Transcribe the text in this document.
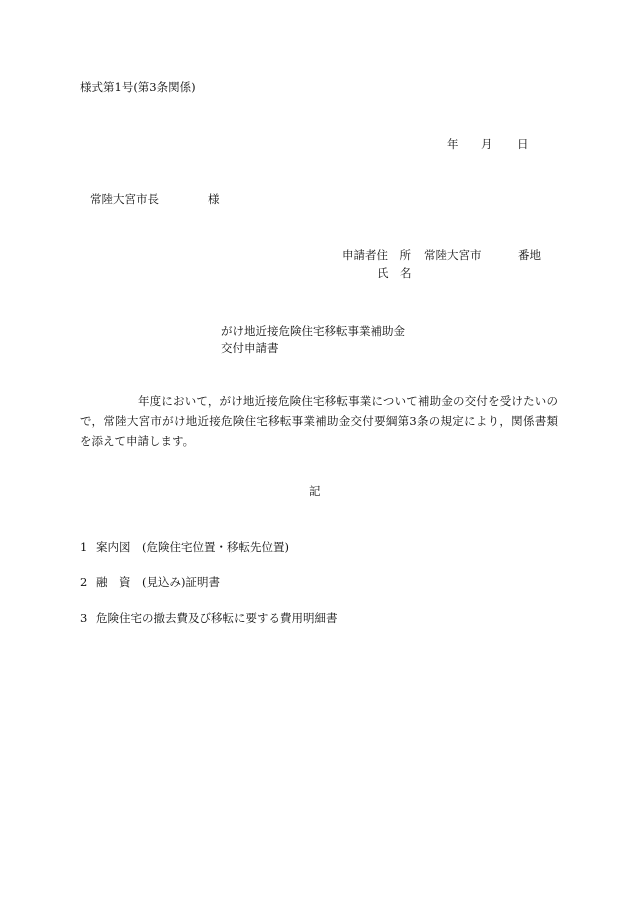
様式第1号(第3条関係)
年 月 日
常陸大宮市長	様
申請者住　所 常陸大宮市	番地
氏　名
がけ地近接危険住宅移転事業補助金
交付申請書
年度において，がけ地近接危険住宅移転事業について補助金の交付を受けたいので，常陸大宮市がけ地近接危険住宅移転事業補助金交付要綱第3条の規定により，関係書類を添えて申請します。
記
1 案内図　(危険住宅位置・移転先位置)
2 融　資　(見込み)証明書
3 危険住宅の撤去費及び移転に要する費用明細書
